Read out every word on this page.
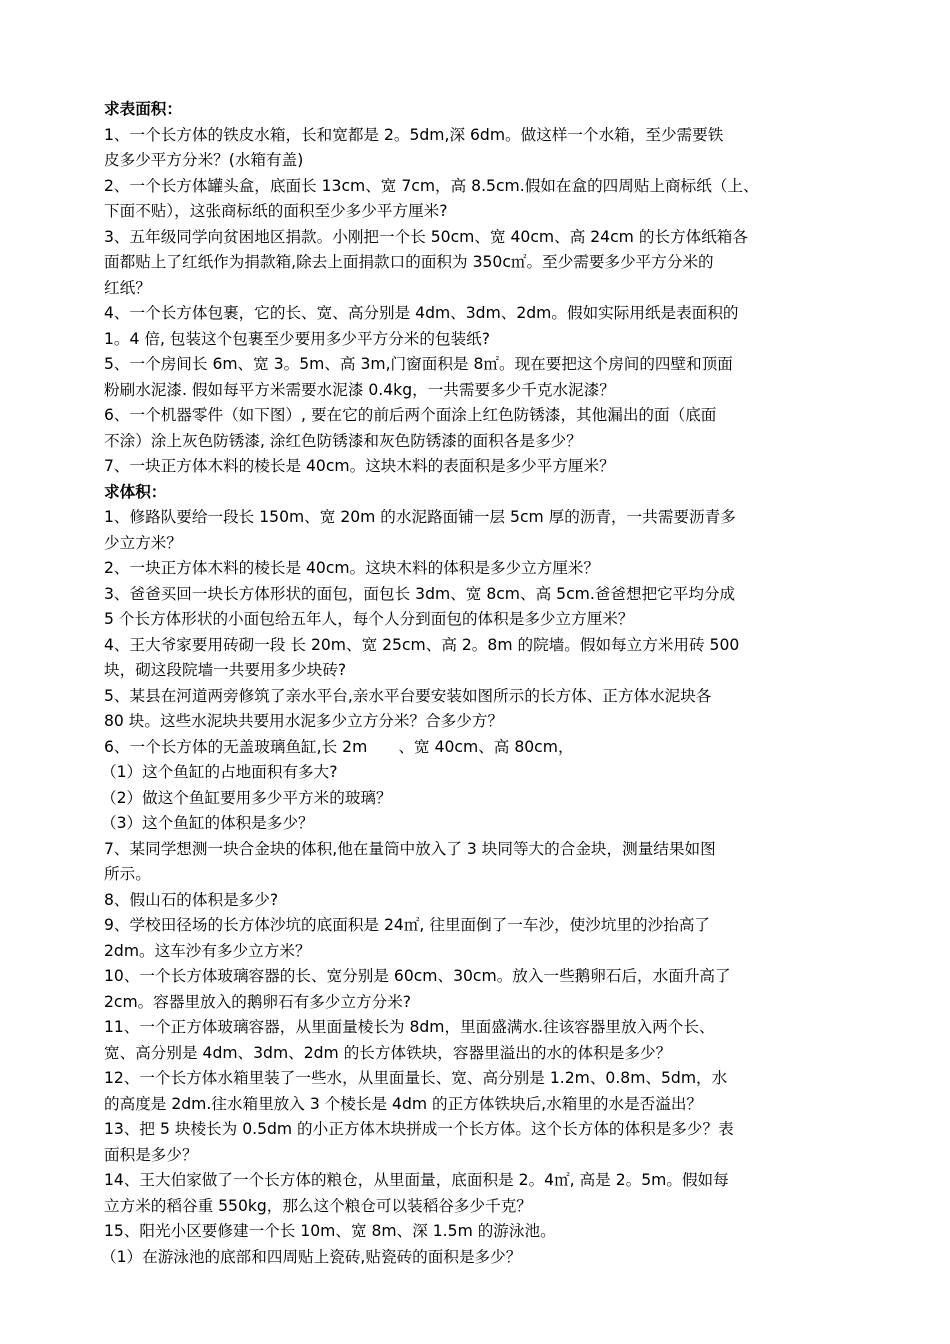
求表面积：

1、一个长方体的铁皮水箱，长和宽都是 2。5dm,深 6dm。做这样一个水箱，至少需要铁

皮多少平方分米？(水箱有盖)

2、一个长方体罐头盒，底面长 13cm、宽 7cm，高 8.5cm.假如在盒的四周贴上商标纸（上、

下面不贴），这张商标纸的面积至少多少平方厘米?

3、五年级同学向贫困地区捐款。小刚把一个长 50cm、宽 40cm、高 24cm 的长方体纸箱各

面都贴上了红纸作为捐款箱,除去上面捐款口的面积为 350c㎡。至少需要多少平方分米的

红纸？

4、一个长方体包裹，它的长、宽、高分别是 4dm、3dm、2dm。假如实际用纸是表面积的

1。4 倍, 包装这个包裹至少要用多少平方分米的包装纸?

5、一个房间长 6m、宽 3。5m、高 3m,门窗面积是 8㎡。现在要把这个房间的四壁和顶面

粉刷水泥漆. 假如每平方米需要水泥漆 0.4kg，一共需要多少千克水泥漆？

6、一个机器零件（如下图）, 要在它的前后两个面涂上红色防锈漆，其他漏出的面（底面

不涂）涂上灰色防锈漆, 涂红色防锈漆和灰色防锈漆的面积各是多少？

7、一块正方体木料的棱长是 40cm。这块木料的表面积是多少平方厘米？

求体积：

1、修路队要给一段长 150m、宽 20m 的水泥路面铺一层 5cm 厚的沥青，一共需要沥青多

少立方米？

2、一块正方体木料的棱长是 40cm。这块木料的体积是多少立方厘米？

3、爸爸买回一块长方体形状的面包，面包长 3dm、宽 8cm、高 5cm.爸爸想把它平均分成

5 个长方体形状的小面包给五年人，每个人分到面包的体积是多少立方厘米？

4、王大爷家要用砖砌一段 长 20m、宽 25cm、高 2。8m 的院墙。假如每立方米用砖 500

块，砌这段院墙一共要用多少块砖?

5、某县在河道两旁修筑了亲水平台,亲水平台要安装如图所示的长方体、正方体水泥块各

80 块。这些水泥块共要用水泥多少立方分米？合多少方？

6、一个长方体的无盖玻璃鱼缸,长 2m　　、宽 40cm、高 80cm，

（1）这个鱼缸的占地面积有多大?

（2）做这个鱼缸要用多少平方米的玻璃？

（3）这个鱼缸的体积是多少？

7、某同学想测一块合金块的体积,他在量筒中放入了 3 块同等大的合金块，测量结果如图

所示。

8、假山石的体积是多少?

9、学校田径场的长方体沙坑的底面积是 24㎡, 往里面倒了一车沙，使沙坑里的沙抬高了

2dm。这车沙有多少立方米？

10、一个长方体玻璃容器的长、宽分别是 60cm、30cm。放入一些鹅卵石后，水面升高了

2cm。容器里放入的鹅卵石有多少立方分米?

11、一个正方体玻璃容器，从里面量棱长为 8dm，里面盛满水.往该容器里放入两个长、

宽、高分别是 4dm、3dm、2dm 的长方体铁块，容器里溢出的水的体积是多少？

12、一个长方体水箱里装了一些水，从里面量长、宽、高分别是 1.2m、0.8m、5dm，水

的高度是 2dm.往水箱里放入 3 个棱长是 4dm 的正方体铁块后,水箱里的水是否溢出？

13、把 5 块棱长为 0.5dm 的小正方体木块拼成一个长方体。这个长方体的体积是多少？表

面积是多少？

14、王大伯家做了一个长方体的粮仓，从里面量，底面积是 2。4㎡, 高是 2。5m。假如每

立方米的稻谷重 550kg，那么这个粮仓可以装稻谷多少千克？

15、阳光小区要修建一个长 10m、宽 8m、深 1.5m 的游泳池。

（1）在游泳池的底部和四周贴上瓷砖,贴瓷砖的面积是多少？
